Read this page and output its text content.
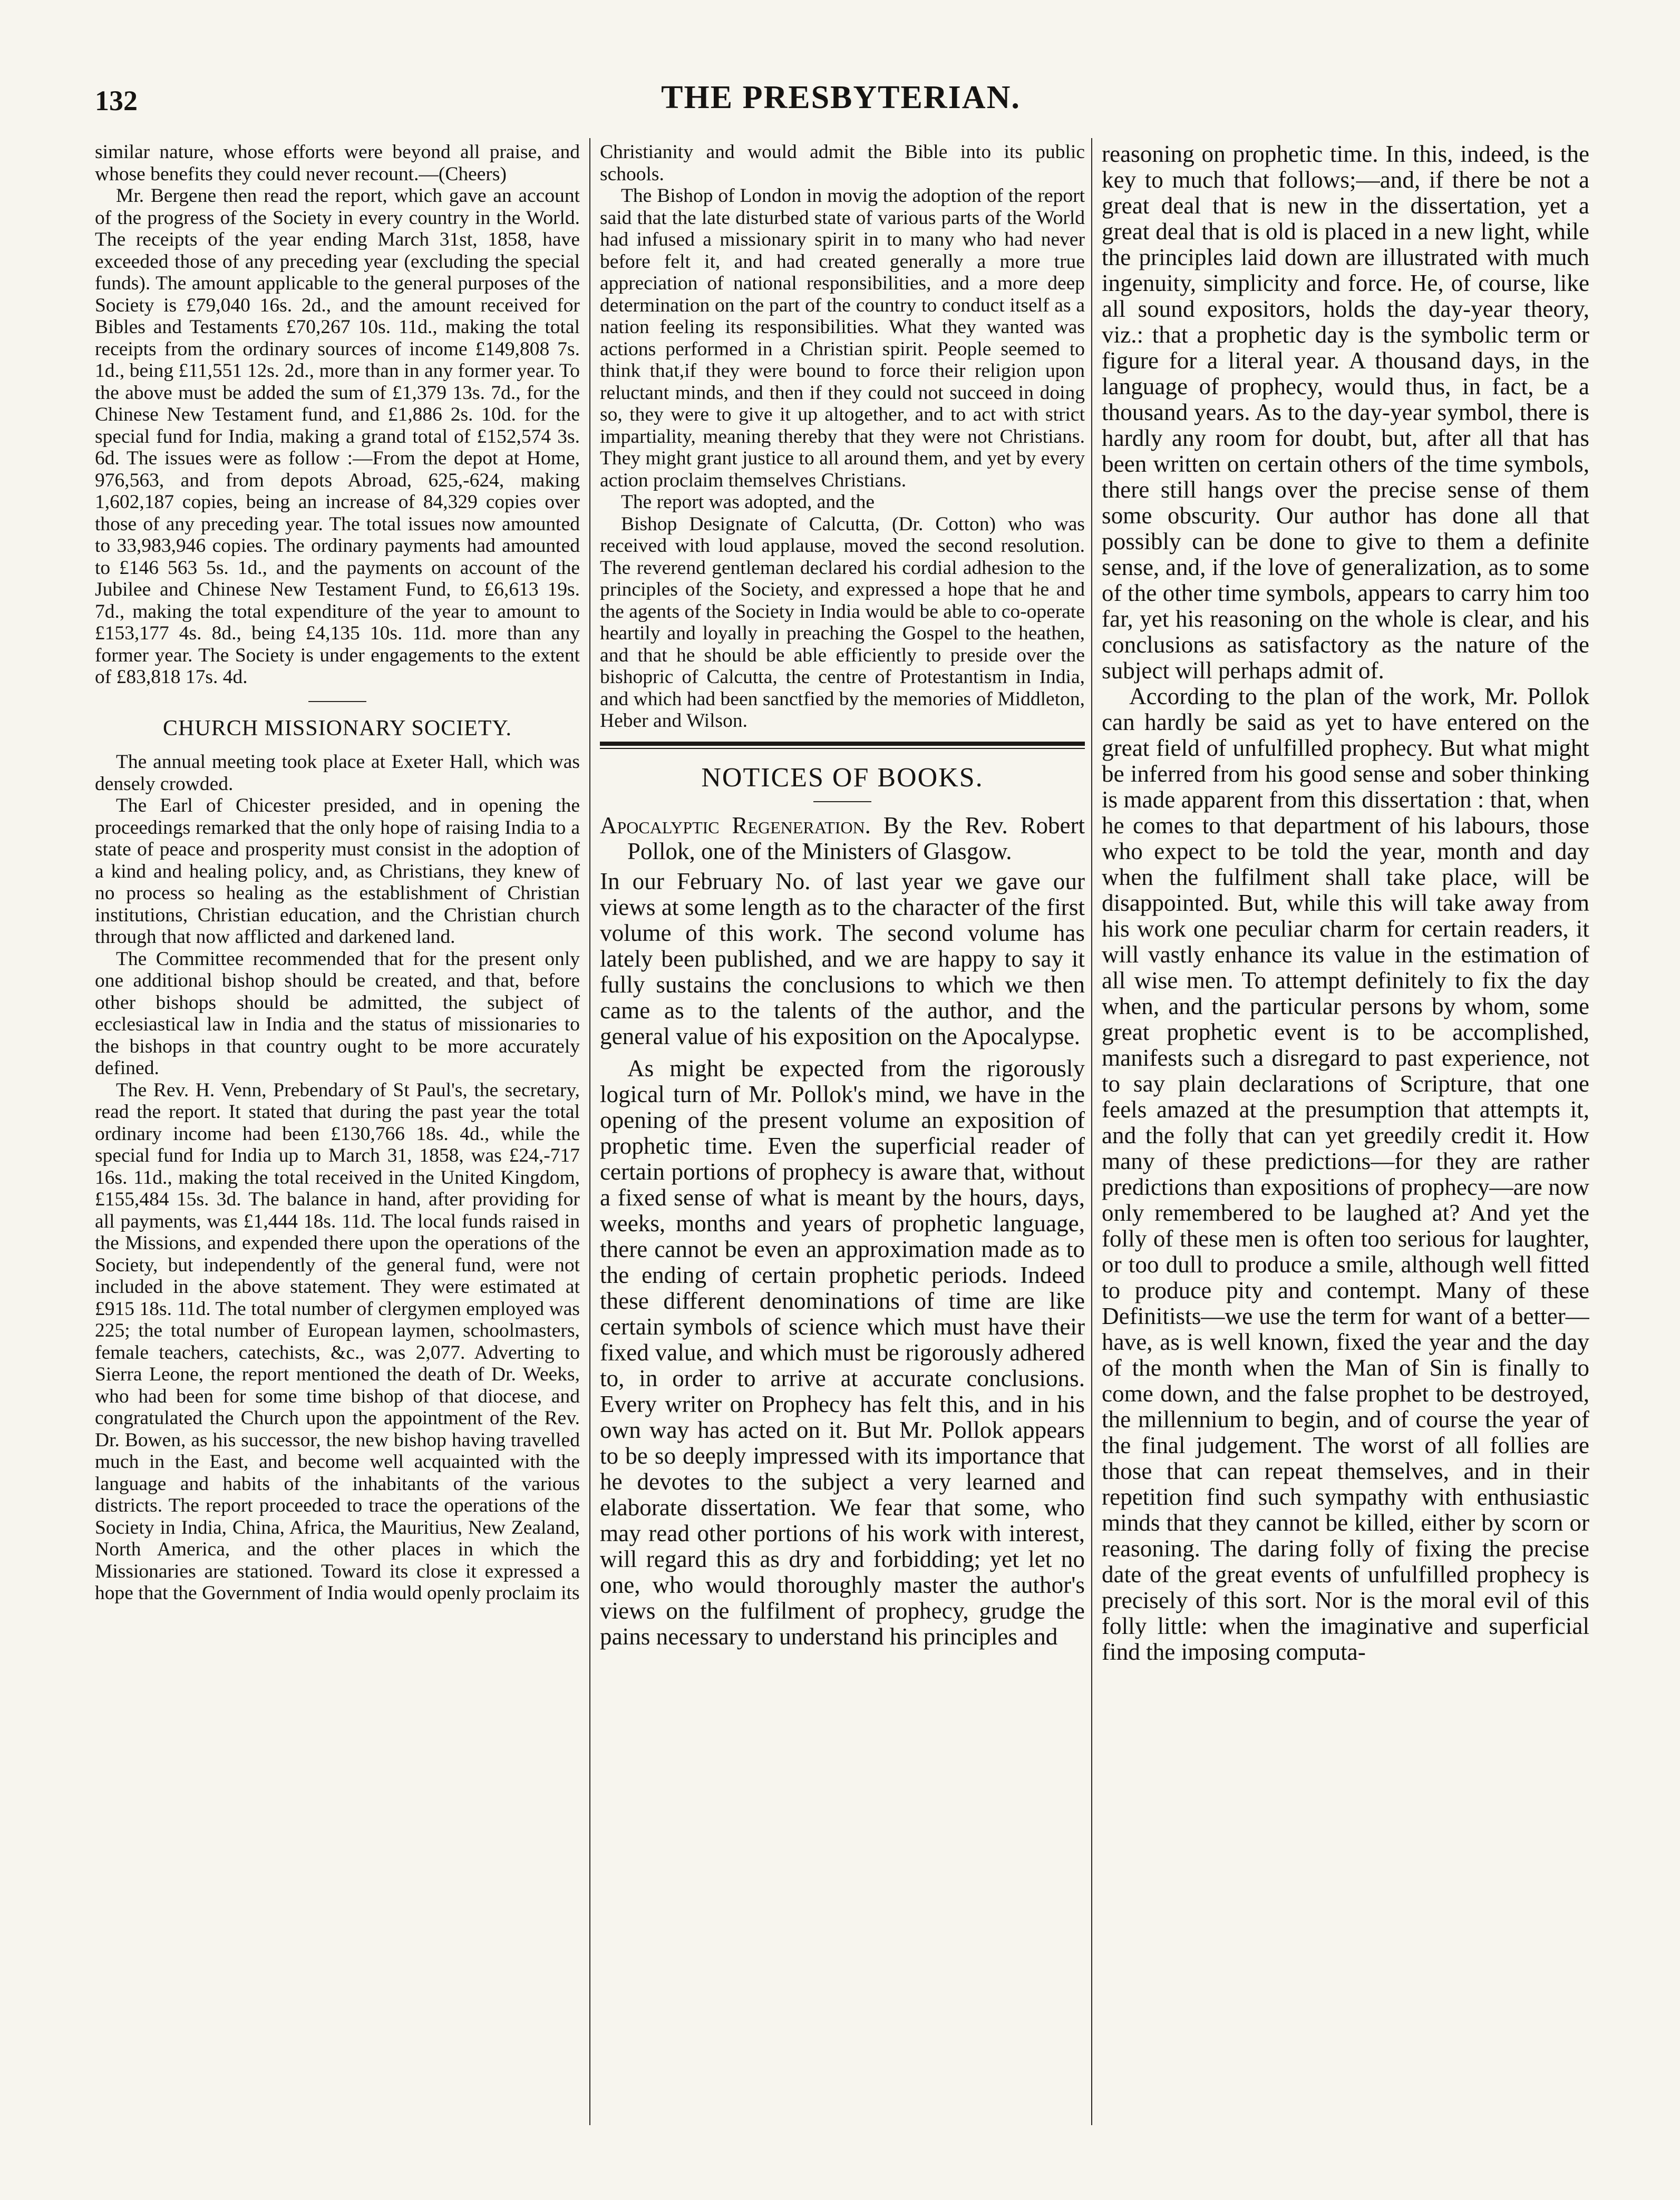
132	THE PRESBYTERIAN.

similar nature, whose efforts were beyond all praise, and whose benefits they could never recount.—(Cheers)

Mr. Bergene then read the report, which gave an account of the progress of the Society in every country in the World. The receipts of the year ending March 31st, 1858, have exceeded those of any preceding year (excluding the special funds). The amount applicable to the general purposes of the Society is £79,040 16s. 2d., and the amount received for Bibles and Testaments £70,267 10s. 11d., making the total receipts from the ordinary sources of income £149,808 7s. 1d., being £11,551 12s. 2d., more than in any former year. To the above must be added the sum of £1,379 13s. 7d., for the Chinese New Testament fund, and £1,886 2s. 10d. for the special fund for India, making a grand total of £152,574 3s. 6d. The issues were as follow :—From the depot at Home, 976,563, and from depots Abroad, 625,-624, making 1,602,187 copies, being an increase of 84,329 copies over those of any preceding year. The total issues now amounted to 33,983,946 copies. The ordinary payments had amounted to £146 563 5s. 1d., and the payments on account of the Jubilee and Chinese New Testament Fund, to £6,613 19s. 7d., making the total expenditure of the year to amount to £153,177 4s. 8d., being £4,135 10s. 11d. more than any former year. The Society is under engagements to the extent of £83,818 17s. 4d.

CHURCH MISSIONARY SOCIETY.

The annual meeting took place at Exeter Hall, which was densely crowded.

The Earl of Chicester presided, and in opening the proceedings remarked that the only hope of raising India to a state of peace and prosperity must consist in the adoption of a kind and healing policy, and, as Christians, they knew of no process so healing as the establishment of Christian institutions, Christian education, and the Christian church through that now afflicted and darkened land.

The Committee recommended that for the present only one additional bishop should be created, and that, before other bishops should be admitted, the subject of ecclesiastical law in India and the status of missionaries to the bishops in that country ought to be more accurately defined.

The Rev. H. Venn, Prebendary of St Paul's, the secretary, read the report. It stated that during the past year the total ordinary income had been £130,766 18s. 4d., while the special fund for India up to March 31, 1858, was £24,-717 16s. 11d., making the total received in the United Kingdom, £155,484 15s. 3d. The balance in hand, after providing for all payments, was £1,444 18s. 11d. The local funds raised in the Missions, and expended there upon the operations of the Society, but independently of the general fund, were not included in the above statement. They were estimated at £915 18s. 11d. The total number of clergymen employed was 225; the total number of European laymen, schoolmasters, female teachers, catechists, &c., was 2,077. Adverting to Sierra Leone, the report mentioned the death of Dr. Weeks, who had been for some time bishop of that diocese, and congratulated the Church upon the appointment of the Rev. Dr. Bowen, as his successor, the new bishop having travelled much in the East, and become well acquainted with the language and habits of the inhabitants of the various districts. The report proceeded to trace the operations of the Society in India, China, Africa, the Mauritius, New Zealand, North America, and the other places in which the Missionaries are stationed. Toward its close it expressed a hope that the Government of India would openly proclaim its

Christianity and would admit the Bible into its public schools.

The Bishop of London in movig the adoption of the report said that the late disturbed state of various parts of the World had infused a missionary spirit in to many who had never before felt it, and had created generally a more true appreciation of national responsibilities, and a more deep determination on the part of the country to conduct itself as a nation feeling its responsibilities. What they wanted was actions performed in a Christian spirit. People seemed to think that,if they were bound to force their religion upon reluctant minds, and then if they could not succeed in doing so, they were to give it up altogether, and to act with strict impartiality, meaning thereby that they were not Christians. They might grant justice to all around them, and yet by every action proclaim themselves Christians.

The report was adopted, and the

Bishop Designate of Calcutta, (Dr. Cotton) who was received with loud applause, moved the second resolution. The reverend gentleman declared his cordial adhesion to the principles of the Society, and expressed a hope that he and the agents of the Society in India would be able to co-operate heartily and loyally in preaching the Gospel to the heathen, and that he should be able efficiently to preside over the bishopric of Calcutta, the centre of Protestantism in India, and which had been sanctfied by the memories of Middleton, Heber and Wilson.

NOTICES OF BOOKS.
Apocalyptic Regeneration. By the Rev. Robert Pollok, one of the Ministers of Glasgow.

In our February No. of last year we gave our views at some length as to the character of the first volume of this work. The second volume has lately been published, and we are happy to say it fully sustains the conclusions to which we then came as to the talents of the author, and the general value of his exposition on the Apocalypse.

As might be expected from the rigorously logical turn of Mr. Pollok's mind, we have in the opening of the present volume an exposition of prophetic time. Even the superficial reader of certain portions of prophecy is aware that, without a fixed sense of what is meant by the hours, days, weeks, months and years of prophetic language, there cannot be even an approximation made as to the ending of certain prophetic periods. Indeed these different denominations of time are like certain symbols of science which must have their fixed value, and which must be rigorously adhered to, in order to arrive at accurate conclusions. Every writer on Prophecy has felt this, and in his own way has acted on it. But Mr. Pollok appears to be so deeply impressed with its importance that he devotes to the subject a very learned and elaborate dissertation. We fear that some, who may read other portions of his work with interest, will regard this as dry and forbidding; yet let no one, who would thoroughly master the author's views on the fulfilment of prophecy, grudge the pains necessary to understand his principles and

reasoning on prophetic time. In this, indeed, is the key to much that follows;—and, if there be not a great deal that is new in the dissertation, yet a great deal that is old is placed in a new light, while the principles laid down are illustrated with much ingenuity, simplicity and force. He, of course, like all sound expositors, holds the day-year theory, viz.: that a prophetic day is the symbolic term or figure for a literal year. A thousand days, in the language of prophecy, would thus, in fact, be a thousand years. As to the day-year symbol, there is hardly any room for doubt, but, after all that has been written on certain others of the time symbols, there still hangs over the precise sense of them some obscurity. Our author has done all that possibly can be done to give to them a definite sense, and, if the love of generalization, as to some of the other time symbols, appears to carry him too far, yet his reasoning on the whole is clear, and his conclusions as satisfactory as the nature of the subject will perhaps admit of.

According to the plan of the work, Mr. Pollok can hardly be said as yet to have entered on the great field of unfulfilled prophecy. But what might be inferred from his good sense and sober thinking is made apparent from this dissertation : that, when he comes to that department of his labours, those who expect to be told the year, month and day when the fulfilment shall take place, will be disappointed. But, while this will take away from his work one peculiar charm for certain readers, it will vastly enhance its value in the estimation of all wise men. To attempt definitely to fix the day when, and the particular persons by whom, some great prophetic event is to be accomplished, manifests such a disregard to past experience, not to say plain declarations of Scripture, that one feels amazed at the presumption that attempts it, and the folly that can yet greedily credit it. How many of these predictions—for they are rather predictions than expositions of prophecy—are now only remembered to be laughed at? And yet the folly of these men is often too serious for laughter, or too dull to produce a smile, although well fitted to produce pity and contempt. Many of these Definitists—we use the term for want of a better—have, as is well known, fixed the year and the day of the month when the Man of Sin is finally to come down, and the false prophet to be destroyed, the millennium to begin, and of course the year of the final judgement. The worst of all follies are those that can repeat themselves, and in their repetition find such sympathy with enthusiastic minds that they cannot be killed, either by scorn or reasoning. The daring folly of fixing the precise date of the great events of unfulfilled prophecy is precisely of this sort. Nor is the moral evil of this folly little: when the imaginative and superficial find the imposing computa-
